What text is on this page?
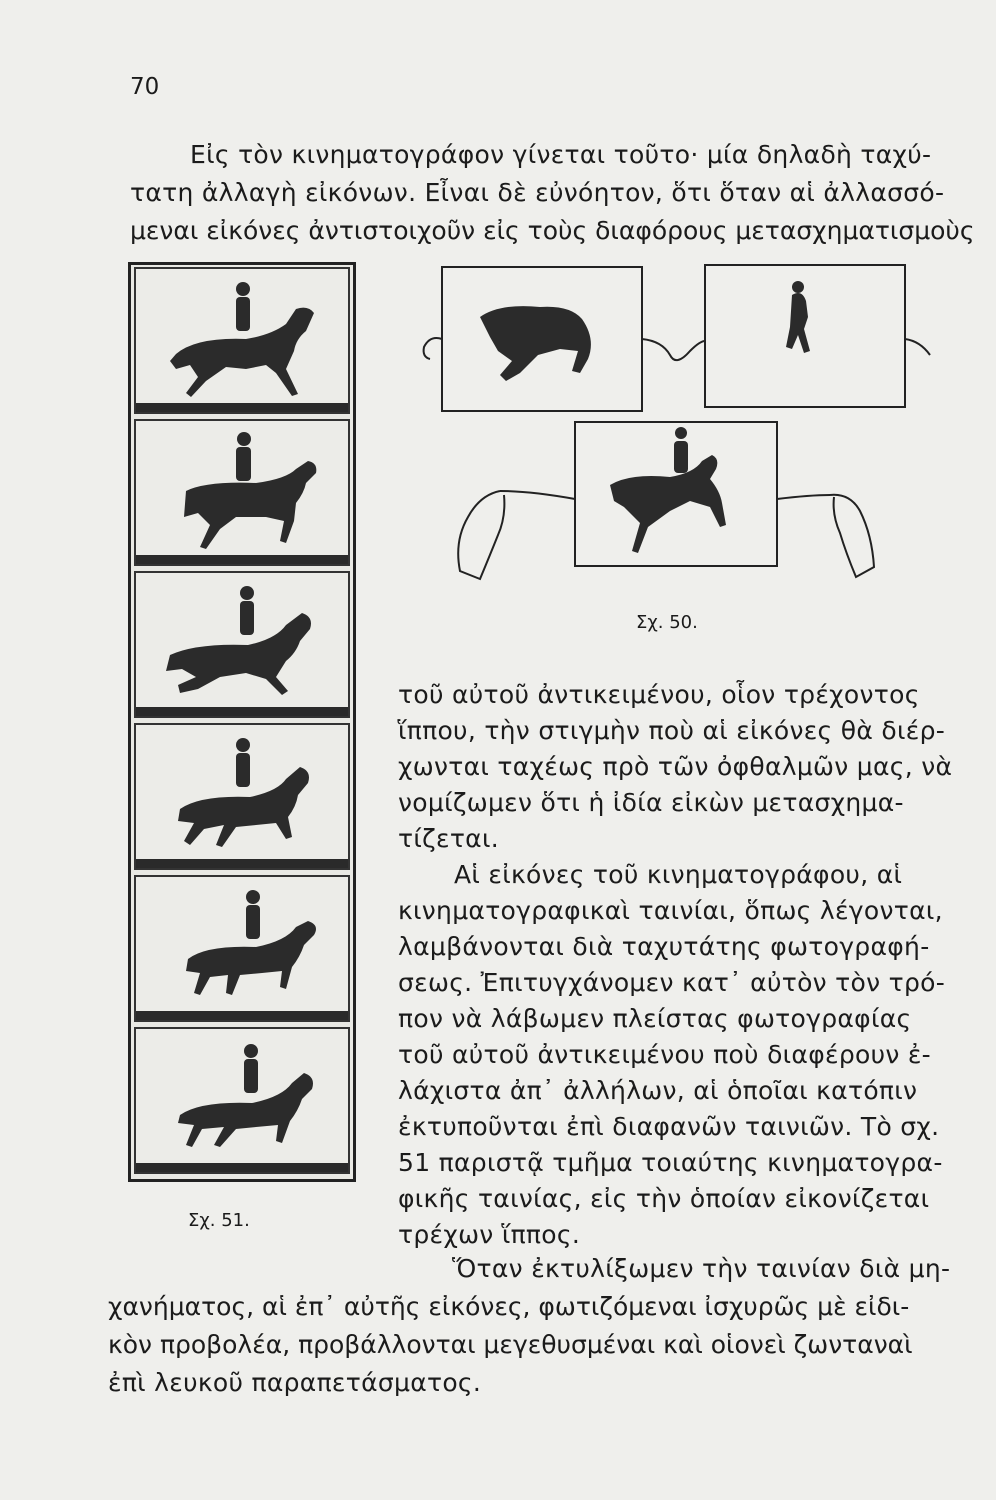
70
Εἰς τὸν κινηματογράφον γίνεται τοῦτο· μία δηλαδὴ ταχύ-
τατη ἀλλαγὴ εἰκόνων. Εἶναι δὲ εὐνόητον, ὅτι ὅταν αἱ ἀλλασσό-
μεναι εἰκόνες ἀντιστοιχοῦν εἰς τοὺς διαφόρους μετασχηματισμοὺς
Σχ. 50.
Σχ. 51.
τοῦ αὐτοῦ ἀντικειμένου, οἷον τρέχοντος
ἵππου, τὴν στιγμὴν ποὺ αἱ εἰκόνες θὰ διέρ-
χωνται ταχέως πρὸ τῶν ὀφθαλμῶν μας, νὰ
νομίζωμεν ὅτι ἡ ἰδία εἰκὼν μετασχημα-
τίζεται.
Αἱ εἰκόνες τοῦ κινηματογράφου, αἱ
κινηματογραφικαὶ ταινίαι, ὅπως λέγονται,
λαμβάνονται διὰ ταχυτάτης φωτογραφή-
σεως. Ἐπιτυγχάνομεν κατ᾽ αὐτὸν τὸν τρό-
πον νὰ λάβωμεν πλείστας φωτογραφίας
τοῦ αὐτοῦ ἀντικειμένου ποὺ διαφέρουν ἐ-
λάχιστα ἀπ᾽ ἀλλήλων, αἱ ὁποῖαι κατόπιν
ἐκτυποῦνται ἐπὶ διαφανῶν ταινιῶν. Τὸ σχ.
51 παριστᾷ τμῆμα τοιαύτης κινηματογρα-
φικῆς ταινίας, εἰς τὴν ὁποίαν εἰκονίζεται
τρέχων ἵππος.
Ὅταν ἐκτυλίξωμεν τὴν ταινίαν διὰ μη-
χανήματος, αἱ ἐπ᾽ αὐτῆς εἰκόνες, φωτιζόμεναι ἰσχυρῶς μὲ εἰδι-
κὸν προβολέα, προβάλλονται μεγεθυσμέναι καὶ οἱονεὶ ζωνταναὶ
ἐπὶ λευκοῦ παραπετάσματος.
